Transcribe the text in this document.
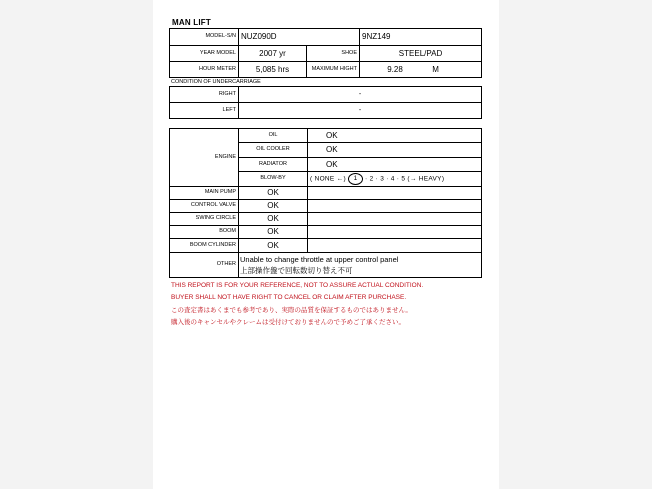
MAN LIFT
MODEL-S/N	NUZ090D		9NZ149
YEAR MODEL	2007 yr	SHOE	STEEL/PAD
HOUR METER	5,085 hrs	MAXIMUM HIGHT	9.28 M
CONDITION OF UNDERCARRIAGE
RIGHT	-
LEFT	-
ENGINE	OIL	OK
	OIL COOLER	OK
	RADIATOR	OK
	BLOW-BY	( NONE ←) 1 · 2 · 3 · 4 · 5 (→ HEAVY)
MAIN PUMP	OK	
CONTROL VALVE	OK	
SWING CIRCLE	OK	
BOOM	OK	
BOOM CYLINDER	OK	
OTHER	Unable to change throttle at upper control panel
上部操作盤で回転数切り替え不可	
THIS REPORT IS FOR YOUR REFERENCE, NOT TO ASSURE ACTUAL CONDITION.
BUYER SHALL NOT HAVE RIGHT TO CANCEL OR CLAIM AFTER PURCHASE.
この査定書はあくまでも参考であり、実際の品質を保証するものではありません。
購入後のキャンセルやクレームは受付けておりませんので予めご了承ください。
